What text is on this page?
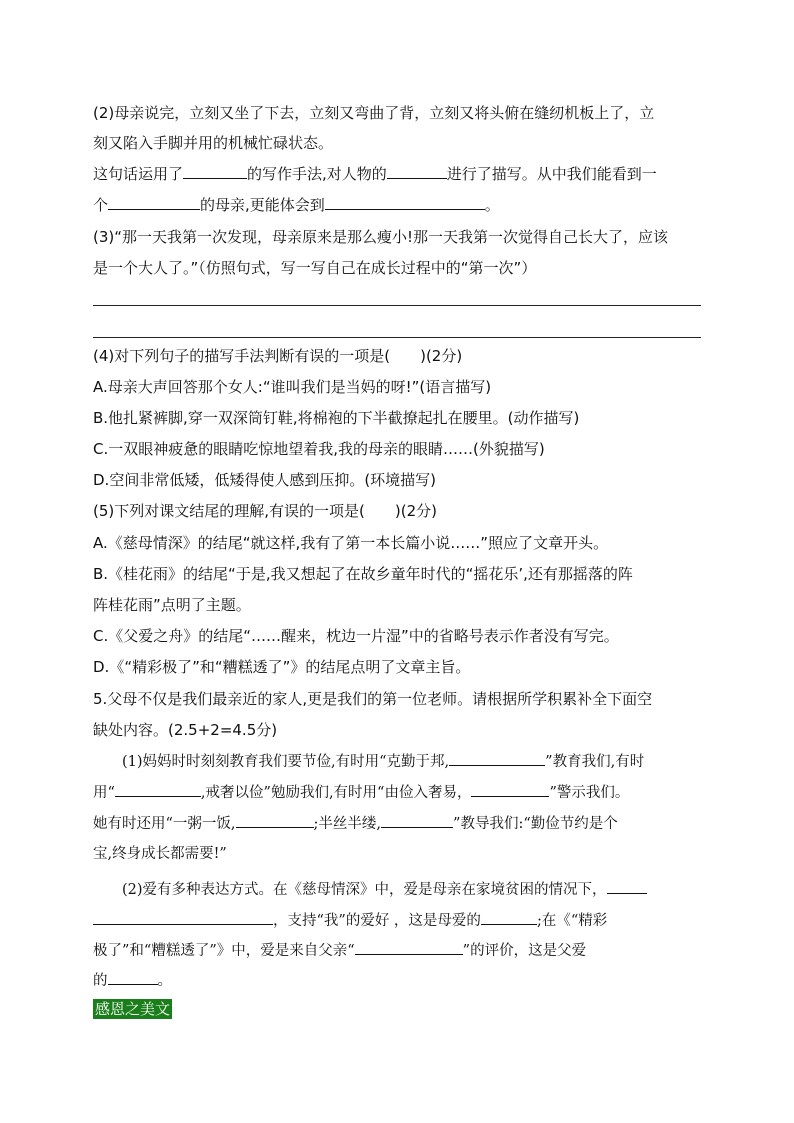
(2)母亲说完，立刻又坐了下去，立刻又弯曲了背，立刻又将头俯在缝纫机板上了，立
刻又陷入手脚并用的机械忙碌状态。
这句话运用了	的写作手法,对人物的	进行了描写。从中我们能看到一
个	的母亲,更能体会到	。
(3)“那一天我第一次发现，母亲原来是那么瘦小!那一天我第一次觉得自己长大了，应该
是一个大人了。”（仿照句式，写一写自己在成长过程中的“第一次”）
(4)对下列句子的描写手法判断有误的一项是(　　)(2分)
A.母亲大声回答那个女人:“谁叫我们是当妈的呀!”(语言描写)
B.他扎紧裤脚,穿一双深筒钉鞋,将棉袍的下半截撩起扎在腰里。(动作描写)
C.一双眼神疲惫的眼睛吃惊地望着我,我的母亲的眼睛……(外貌描写)
D.空间非常低矮，低矮得使人感到压抑。(环境描写)
(5)下列对课文结尾的理解,有误的一项是(　　)(2分)
A.《慈母情深》的结尾“就这样,我有了第一本长篇小说……”照应了文章开头。
B.《桂花雨》的结尾“于是,我又想起了在故乡童年时代的“摇花乐’,还有那摇落的阵
阵桂花雨”点明了主题。
C.《父爱之舟》的结尾“……醒来，枕边一片湿”中的省略号表示作者没有写完。
D.《“精彩极了”和“糟糕透了”》的结尾点明了文章主旨。
5.父母不仅是我们最亲近的家人,更是我们的第一位老师。请根据所学积累补全下面空
缺处内容。(2.5+2=4.5分)
(1)妈妈时时刻刻教育我们要节俭,有时用“克勤于邦,	”教育我们,有时
用“	,戒奢以俭”勉励我们,有时用“由俭入奢易，	”警示我们。
她有时还用“一粥一饭,	;半丝半缕,	”教导我们:“勤俭节约是个
宝,终身成长都需要!”
(2)爱有多种表达方式。在《慈母情深》中，爱是母亲在家境贫困的情况下，
，支持“我”的爱好 ，这是母爱的	;在《“精彩
极了”和“糟糕透了”》中，爱是来自父亲“	”的评价，这是父爱
的	。
感恩之美文
